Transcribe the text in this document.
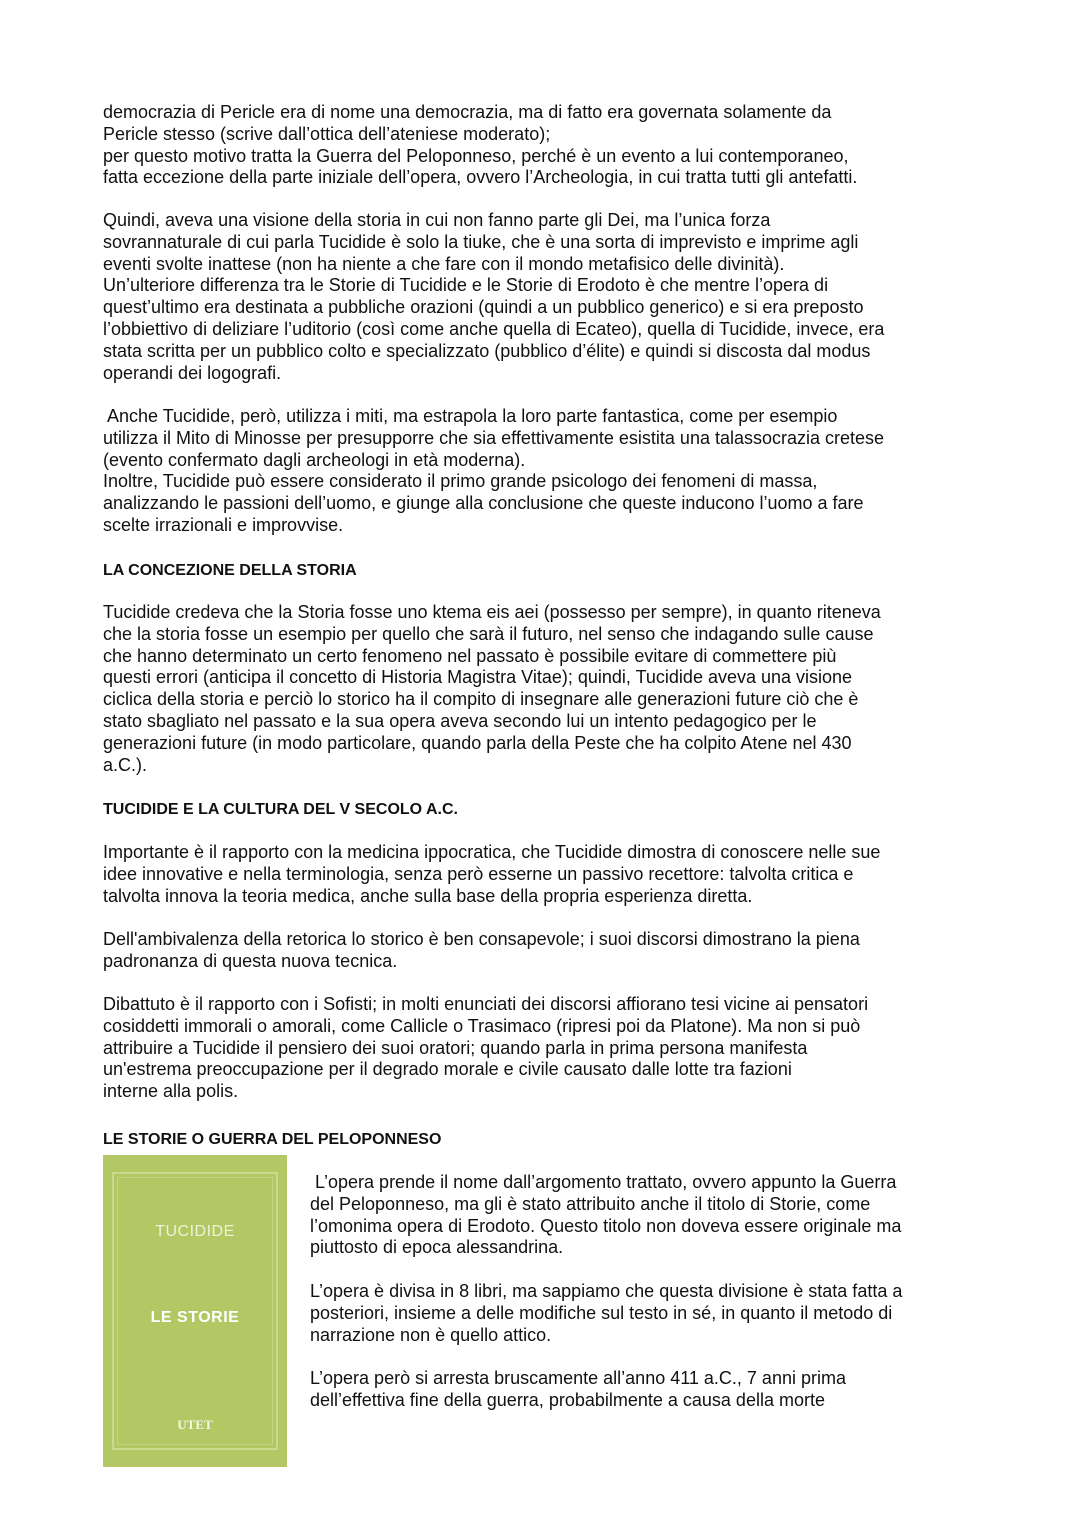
democrazia di Pericle era di nome una democrazia, ma di fatto era governata solamente da
Pericle stesso (scrive dall’ottica dell’ateniese moderato);
per questo motivo tratta la Guerra del Peloponneso, perché è un evento a lui contemporaneo,
fatta eccezione della parte iniziale dell’opera, ovvero l’Archeologia, in cui tratta tutti gli antefatti.

Quindi, aveva una visione della storia in cui non fanno parte gli Dei, ma l’unica forza
sovrannaturale di cui parla Tucidide è solo la tiuke, che è una sorta di imprevisto e imprime agli
eventi svolte inattese (non ha niente a che fare con il mondo metafisico delle divinità).
Un’ulteriore differenza tra le Storie di Tucidide e le Storie di Erodoto è che mentre l’opera di
quest’ultimo era destinata a pubbliche orazioni (quindi a un pubblico generico) e si era preposto
l’obbiettivo di deliziare l’uditorio (così come anche quella di Ecateo), quella di Tucidide, invece, era
stata scritta per un pubblico colto e specializzato (pubblico d’élite) e quindi si discosta dal modus
operandi dei logografi.

Anche Tucidide, però, utilizza i miti, ma estrapola la loro parte fantastica, come per esempio
utilizza il Mito di Minosse per presupporre che sia effettivamente esistita una talassocrazia cretese
(evento confermato dagli archeologi in età moderna).
Inoltre, Tucidide può essere considerato il primo grande psicologo dei fenomeni di massa,
analizzando le passioni dell’uomo, e giunge alla conclusione che queste inducono l’uomo a fare
scelte irrazionali e improvvise.

LA CONCEZIONE DELLA STORIA

Tucidide credeva che la Storia fosse uno ktema eis aei (possesso per sempre), in quanto riteneva
che la storia fosse un esempio per quello che sarà il futuro, nel senso che indagando sulle cause
che hanno determinato un certo fenomeno nel passato è possibile evitare di commettere più
questi errori (anticipa il concetto di Historia Magistra Vitae); quindi, Tucidide aveva una visione
ciclica della storia e perciò lo storico ha il compito di insegnare alle generazioni future ciò che è
stato sbagliato nel passato e la sua opera aveva secondo lui un intento pedagogico per le
generazioni future (in modo particolare, quando parla della Peste che ha colpito Atene nel 430
a.C.).

TUCIDIDE E LA CULTURA DEL V SECOLO A.C.

Importante è il rapporto con la medicina ippocratica, che Tucidide dimostra di conoscere nelle sue
idee innovative e nella terminologia, senza però esserne un passivo recettore: talvolta critica e
talvolta innova la teoria medica, anche sulla base della propria esperienza diretta.

Dell'ambivalenza della retorica lo storico è ben consapevole; i suoi discorsi dimostrano la piena
padronanza di questa nuova tecnica.

Dibattuto è il rapporto con i Sofisti; in molti enunciati dei discorsi affiorano tesi vicine ai pensatori
cosiddetti immorali o amorali, come Callicle o Trasimaco (ripresi poi da Platone). Ma non si può
attribuire a Tucidide il pensiero dei suoi oratori; quando parla in prima persona manifesta
un'estrema preoccupazione per il degrado morale e civile causato dalle lotte tra fazioni
interne alla polis.

LE STORIE O GUERRA DEL PELOPONNESO
TUCIDIDE
LE STORIE
UTET

L’opera prende il nome dall’argomento trattato, ovvero appunto la Guerra
del Peloponneso, ma gli è stato attribuito anche il titolo di Storie, come
l’omonima opera di Erodoto. Questo titolo non doveva essere originale ma
piuttosto di epoca alessandrina.

L’opera è divisa in 8 libri, ma sappiamo che questa divisione è stata fatta a
posteriori, insieme a delle modifiche sul testo in sé, in quanto il metodo di
narrazione non è quello attico.

L’opera però si arresta bruscamente all’anno 411 a.C., 7 anni prima
dell’effettiva fine della guerra, probabilmente a causa della morte
